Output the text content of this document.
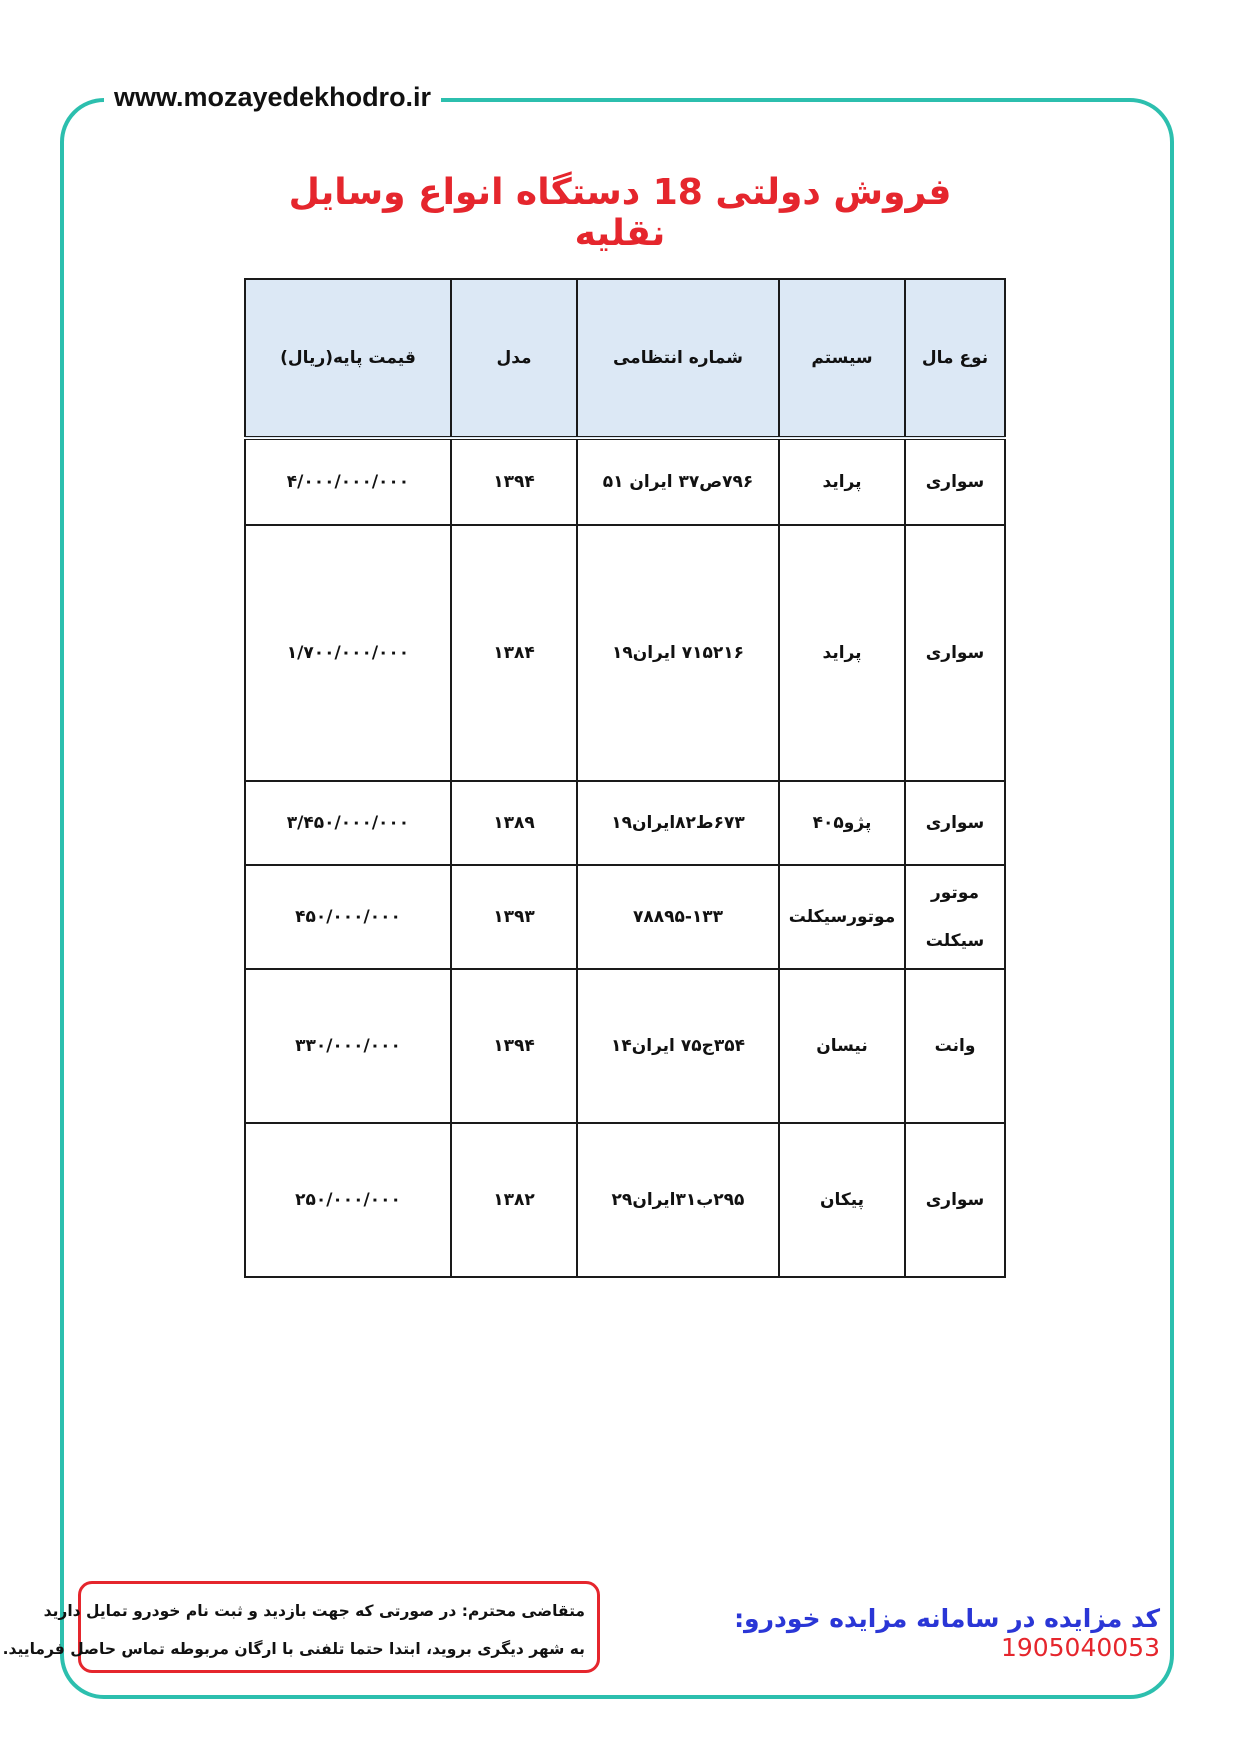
www.mozayedekhodro.ir
فروش دولتی 18 دستگاه انواع وسایل نقلیه
نوع مال	سیستم	شماره انتظامی	مدل	قیمت پایه(ریال)
سواری	پراید	۷۹۶ص۳۷ ایران ۵۱	۱۳۹۴	۴/۰۰۰/۰۰۰/۰۰۰
سواری	پراید	۷۱۵۲۱۶ ایران۱۹	۱۳۸۴	۱/۷۰۰/۰۰۰/۰۰۰
سواری	پژو۴۰۵	۶۷۳ط۸۲ایران۱۹	۱۳۸۹	۳/۴۵۰/۰۰۰/۰۰۰

موتور
سیکلت	موتورسیکلت	۷۸۸۹۵-۱۳۳	۱۳۹۳	۴۵۰/۰۰۰/۰۰۰
وانت	نیسان	۳۵۴ج۷۵ ایران۱۴	۱۳۹۴	۳۳۰/۰۰۰/۰۰۰
سواری	پیکان	۲۹۵ب۳۱ایران۲۹	۱۳۸۲	۲۵۰/۰۰۰/۰۰۰

متقاضی محترم: در صورتی که جهت بازدید و ثبت نام خودرو تمایل دارید

به شهر دیگری بروید، ابتدا حتما تلفنی با ارگان مربوطه تماس حاصل فرمایید.

کد مزایده در سامانه مزایده خودرو: 1905040053
